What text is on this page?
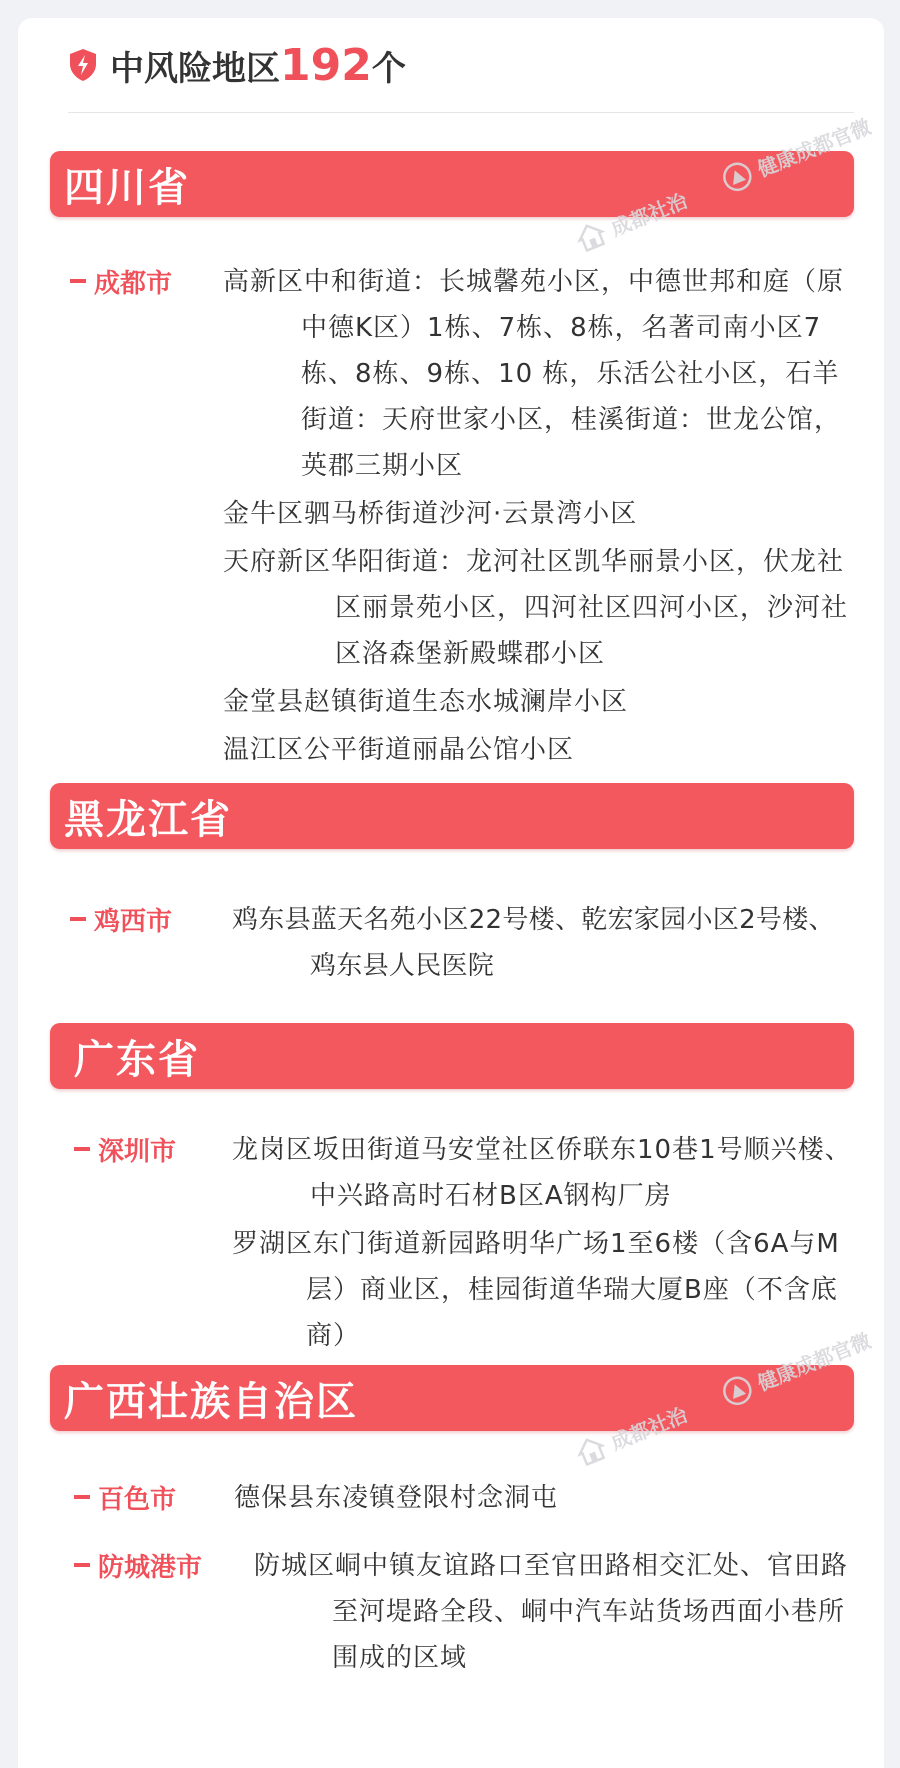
中风险地区 192 个
四川省
成都市 高新区中和街道：长城馨苑小区，中德世邦和庭（原中德K区）1栋、7栋、8栋，名著司南小区7栋、8栋、9栋、10 栋，乐活公社小区，石羊街道：天府世家小区，桂溪街道：世龙公馆，英郡三期小区
金牛区驷马桥街道沙河·云景湾小区
天府新区华阳街道：龙河社区凯华丽景小区，伏龙社区丽景苑小区，四河社区四河小区，沙河社区洛森堡新殿蝶郡小区
金堂县赵镇街道生态水城澜岸小区
温江区公平街道丽晶公馆小区
黑龙江省
鸡西市 鸡东县蓝天名苑小区22号楼、乾宏家园小区2号楼、鸡东县人民医院
广东省
深圳市 龙岗区坂田街道马安堂社区侨联东10巷1号顺兴楼、中兴路高时石材B区A钢构厂房
罗湖区东门街道新园路明华广场1至6楼（含6A与M层）商业区，桂园街道华瑞大厦B座（不含底商）
广西壮族自治区
百色市 德保县东凌镇登限村念洞屯
防城港市 防城区峒中镇友谊路口至官田路相交汇处、官田路至河堤路全段、峒中汽车站货场西面小巷所围成的区域
成都社治
健康成都官微
成都社治
健康成都官微
